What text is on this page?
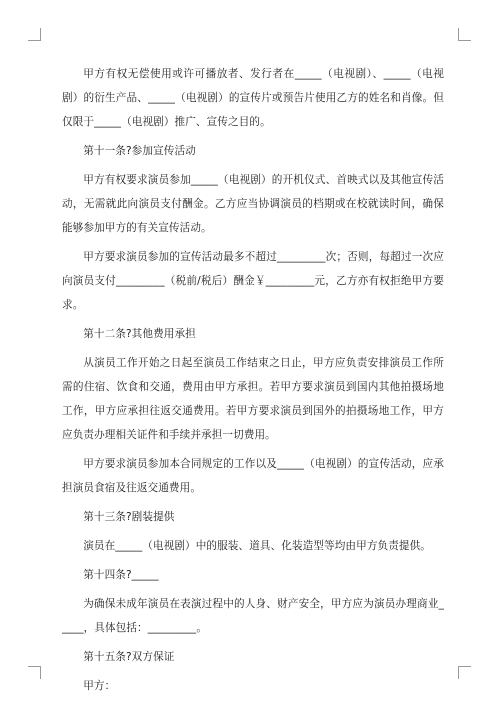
甲方有权无偿使用或许可播放者、发行者在_____（电视剧）、_____（电视剧）的衍生产品、_____（电视剧）的宣传片或预告片使用乙方的姓名和肖像。但仅限于_____（电视剧）推广、宣传之目的。

第十一条?参加宣传活动

甲方有权要求演员参加_____（电视剧）的开机仪式、首映式以及其他宣传活动，无需就此向演员支付酬金。乙方应当协调演员的档期或在校就读时间，确保能够参加甲方的有关宣传活动。

甲方要求演员参加的宣传活动最多不超过_________次；否则，每超过一次应向演员支付_________（税前/税后）酬金￥_________元，乙方亦有权拒绝甲方要求。

第十二条?其他费用承担

从演员工作开始之日起至演员工作结束之日止，甲方应负责安排演员工作所需的住宿、饮食和交通，费用由甲方承担。若甲方要求演员到国内其他拍摄场地工作，甲方应承担往返交通费用。若甲方要求演员到国外的拍摄场地工作，甲方应负责办理相关证件和手续并承担一切费用。

甲方要求演员参加本合同规定的工作以及_____（电视剧）的宣传活动，应承担演员食宿及往返交通费用。

第十三条?剧装提供

演员在_____（电视剧）中的服装、道具、化装造型等均由甲方负责提供。

第十四条?_____

为确保未成年演员在表演过程中的人身、财产安全，甲方应为演员办理商业_____，具体包括：_________。

第十五条?双方保证

甲方：
